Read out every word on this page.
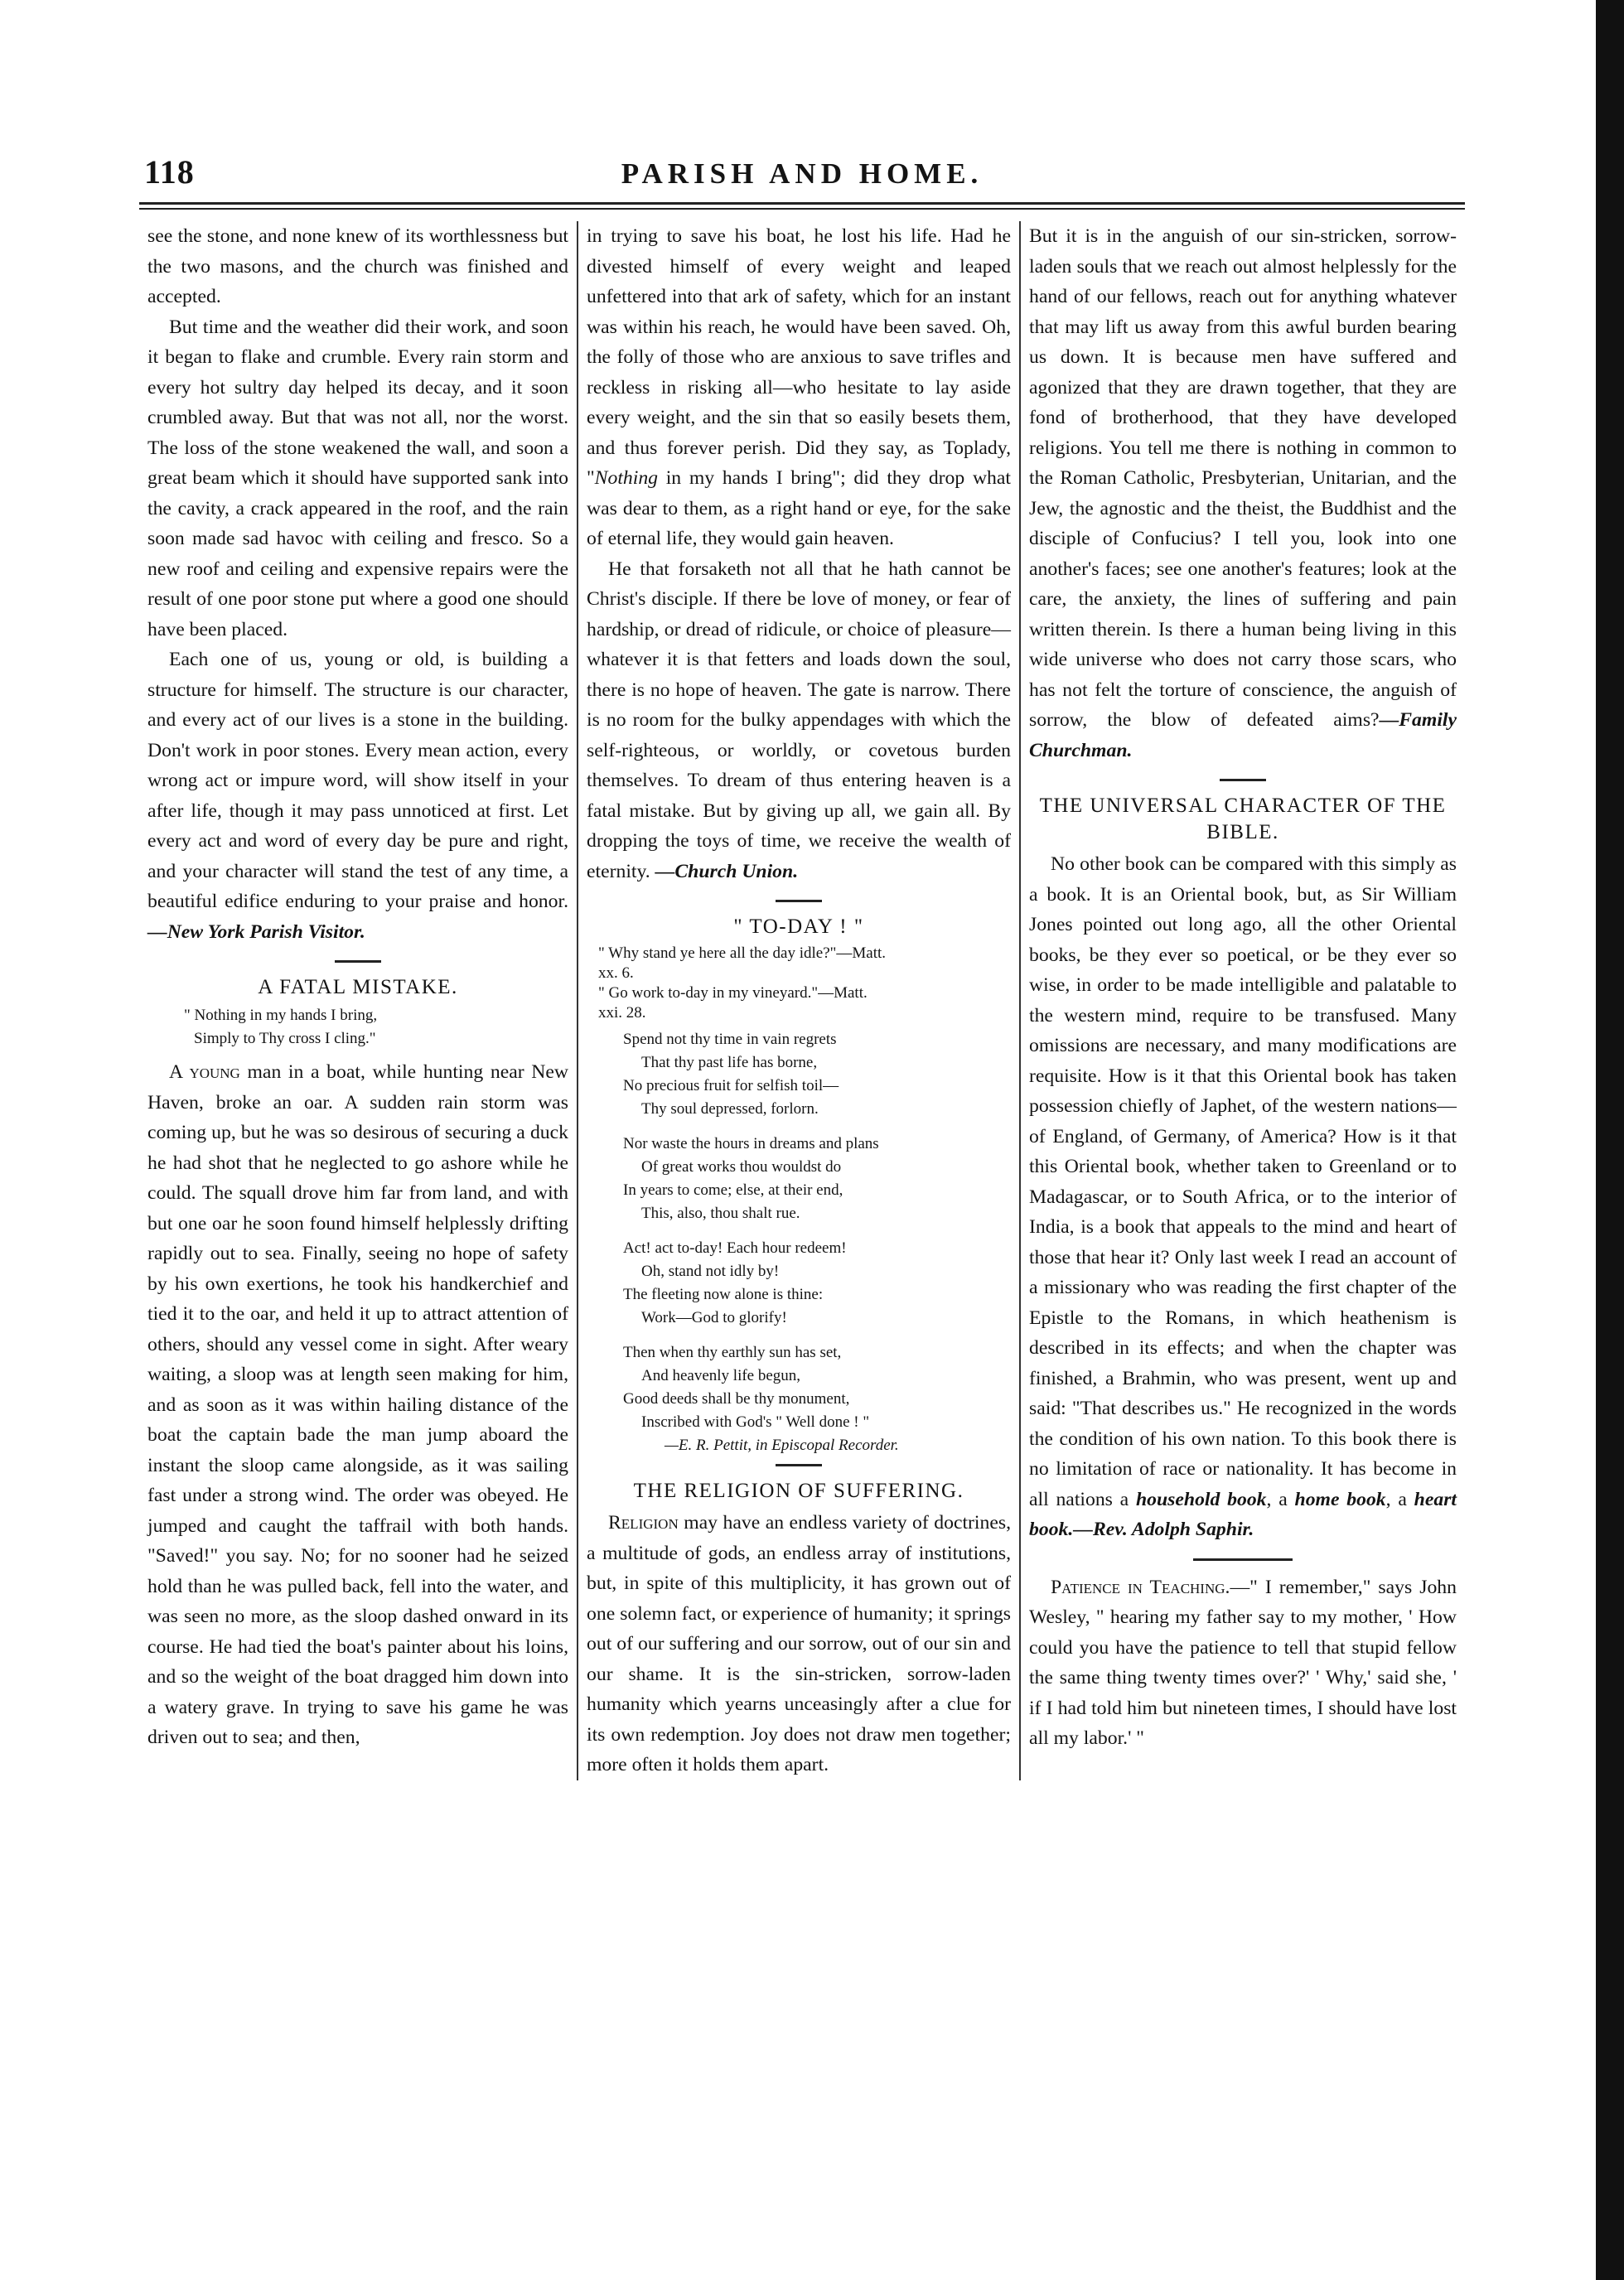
118	PARISH AND HOME.

see the stone, and none knew of its worthlessness but the two masons, and the church was finished and accepted.

But time and the weather did their work, and soon it began to flake and crumble. Every rain storm and every hot sultry day helped its decay, and it soon crumbled away. But that was not all, nor the worst. The loss of the stone weakened the wall, and soon a great beam which it should have supported sank into the cavity, a crack appeared in the roof, and the rain soon made sad havoc with ceiling and fresco. So a new roof and ceiling and expensive repairs were the result of one poor stone put where a good one should have been placed.

Each one of us, young or old, is building a structure for himself. The structure is our character, and every act of our lives is a stone in the building. Don't work in poor stones. Every mean action, every wrong act or impure word, will show itself in your after life, though it may pass unnoticed at first. Let every act and word of every day be pure and right, and your character will stand the test of any time, a beautiful edifice enduring to your praise and honor.—New York Parish Visitor.

A FATAL MISTAKE.
" Nothing in my hands I bring,
Simply to Thy cross I cling."

A young man in a boat, while hunting near New Haven, broke an oar. A sudden rain storm was coming up, but he was so desirous of securing a duck he had shot that he neglected to go ashore while he could. The squall drove him far from land, and with but one oar he soon found himself helplessly drifting rapidly out to sea. Finally, seeing no hope of safety by his own exertions, he took his handkerchief and tied it to the oar, and held it up to attract attention of others, should any vessel come in sight. After weary waiting, a sloop was at length seen making for him, and as soon as it was within hailing distance of the boat the captain bade the man jump aboard the instant the sloop came alongside, as it was sailing fast under a strong wind. The order was obeyed. He jumped and caught the taffrail with both hands. "Saved!" you say. No; for no sooner had he seized hold than he was pulled back, fell into the water, and was seen no more, as the sloop dashed onward in its course. He had tied the boat's painter about his loins, and so the weight of the boat dragged him down into a watery grave. In trying to save his game he was driven out to sea; and then,

in trying to save his boat, he lost his life. Had he divested himself of every weight and leaped unfettered into that ark of safety, which for an instant was within his reach, he would have been saved. Oh, the folly of those who are anxious to save trifles and reckless in risking all—who hesitate to lay aside every weight, and the sin that so easily besets them, and thus forever perish. Did they say, as Toplady, "Nothing in my hands I bring"; did they drop what was dear to them, as a right hand or eye, for the sake of eternal life, they would gain heaven.

He that forsaketh not all that he hath cannot be Christ's disciple. If there be love of money, or fear of hardship, or dread of ridicule, or choice of pleasure—whatever it is that fetters and loads down the soul, there is no hope of heaven. The gate is narrow. There is no room for the bulky appendages with which the self-righteous, or worldly, or covetous burden themselves. To dream of thus entering heaven is a fatal mistake. But by giving up all, we gain all. By dropping the toys of time, we receive the wealth of eternity. —Church Union.

" TO-DAY ! "
" Why stand ye here all the day idle?"—Matt.
xx. 6.
" Go work to-day in my vineyard."—Matt.
xxi. 28.
Spend not thy time in vain regrets
That thy past life has borne,
No precious fruit for selfish toil—
Thy soul depressed, forlorn.
Nor waste the hours in dreams and plans
Of great works thou wouldst do
In years to come; else, at their end,
This, also, thou shalt rue.
Act! act to-day! Each hour redeem!
Oh, stand not idly by!
The fleeting now alone is thine:
Work—God to glorify!
Then when thy earthly sun has set,
And heavenly life begun,
Good deeds shall be thy monument,
Inscribed with God's " Well done ! "
—E. R. Pettit, in Episcopal Recorder.
THE RELIGION OF SUFFERING.

Religion may have an endless variety of doctrines, a multitude of gods, an endless array of institutions, but, in spite of this multiplicity, it has grown out of one solemn fact, or experience of humanity; it springs out of our suffering and our sorrow, out of our sin and our shame. It is the sin-stricken, sorrow-laden humanity which yearns unceasingly after a clue for its own redemption. Joy does not draw men together; more often it holds them apart.

But it is in the anguish of our sin-stricken, sorrow-laden souls that we reach out almost helplessly for the hand of our fellows, reach out for anything whatever that may lift us away from this awful burden bearing us down. It is because men have suffered and agonized that they are drawn together, that they are fond of brotherhood, that they have developed religions. You tell me there is nothing in common to the Roman Catholic, Presbyterian, Unitarian, and the Jew, the agnostic and the theist, the Buddhist and the disciple of Confucius? I tell you, look into one another's faces; see one another's features; look at the care, the anxiety, the lines of suffering and pain written therein. Is there a human being living in this wide universe who does not carry those scars, who has not felt the torture of conscience, the anguish of sorrow, the blow of defeated aims?—Family Churchman.

THE UNIVERSAL CHARACTER OF THE BIBLE.

No other book can be compared with this simply as a book. It is an Oriental book, but, as Sir William Jones pointed out long ago, all the other Oriental books, be they ever so poetical, or be they ever so wise, in order to be made intelligible and palatable to the western mind, require to be transfused. Many omissions are necessary, and many modifications are requisite. How is it that this Oriental book has taken possession chiefly of Japhet, of the western nations—of England, of Germany, of America? How is it that this Oriental book, whether taken to Greenland or to Madagascar, or to South Africa, or to the interior of India, is a book that appeals to the mind and heart of those that hear it? Only last week I read an account of a missionary who was reading the first chapter of the Epistle to the Romans, in which heathenism is described in its effects; and when the chapter was finished, a Brahmin, who was present, went up and said: "That describes us." He recognized in the words the condition of his own nation. To this book there is no limitation of race or nationality. It has become in all nations a household book, a home book, a heart book.—Rev. Adolph Saphir.

Patience in Teaching.—" I remember," says John Wesley, " hearing my father say to my mother, ' How could you have the patience to tell that stupid fellow the same thing twenty times over?' ' Why,' said she, ' if I had told him but nineteen times, I should have lost all my labor.' "
